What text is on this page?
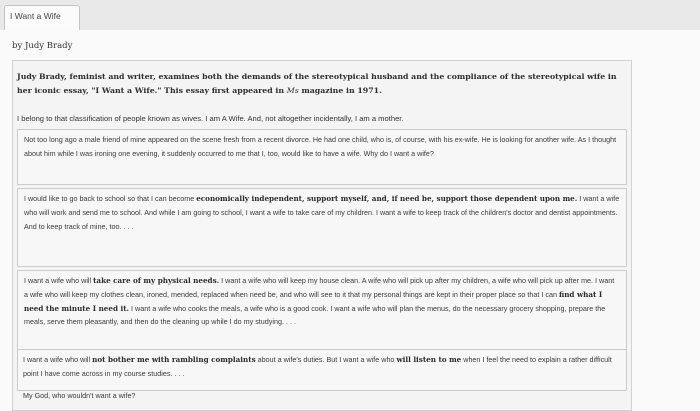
I Want a Wife
by Judy Brady
Judy Brady, feminist and writer, examines both the demands of the stereotypical husband and the compliance of the stereotypical wife in her iconic essay, "I Want a Wife." This essay first appeared in Ms magazine in 1971.
I belong to that classification of people known as wives. I am A Wife. And, not altogether incidentally, I am a mother.
Not too long ago a male friend of mine appeared on the scene fresh from a recent divorce. He had one child, who is, of course, with his ex-wife. He is looking for another wife. As I thought about him while I was ironing one evening, it suddenly occurred to me that I, too, would like to have a wife. Why do I want a wife?
I would like to go back to school so that I can become economically independent, support myself, and, if need be, support those dependent upon me. I want a wife who will work and send me to school. And while I am going to school, I want a wife to take care of my children. I want a wife to keep track of the children's doctor and dentist appointments. And to keep track of mine, too. . . .
I want a wife who will take care of my physical needs. I want a wife who will keep my house clean. A wife who will pick up after my children, a wife who will pick up after me. I want a wife who will keep my clothes clean, ironed, mended, replaced when need be, and who will see to it that my personal things are kept in their proper place so that I can find what I need the minute I need it. I want a wife who cooks the meals, a wife who is a good cook. I want a wife who will plan the menus, do the necessary grocery shopping, prepare the meals, serve them pleasantly, and then do the cleaning up while I do my studying. . . .
I want a wife who will not bother me with rambling complaints about a wife's duties. But I want a wife who will listen to me when I feel the need to explain a rather difficult point I have come across in my course studies. . . .
My God, who wouldn't want a wife?
